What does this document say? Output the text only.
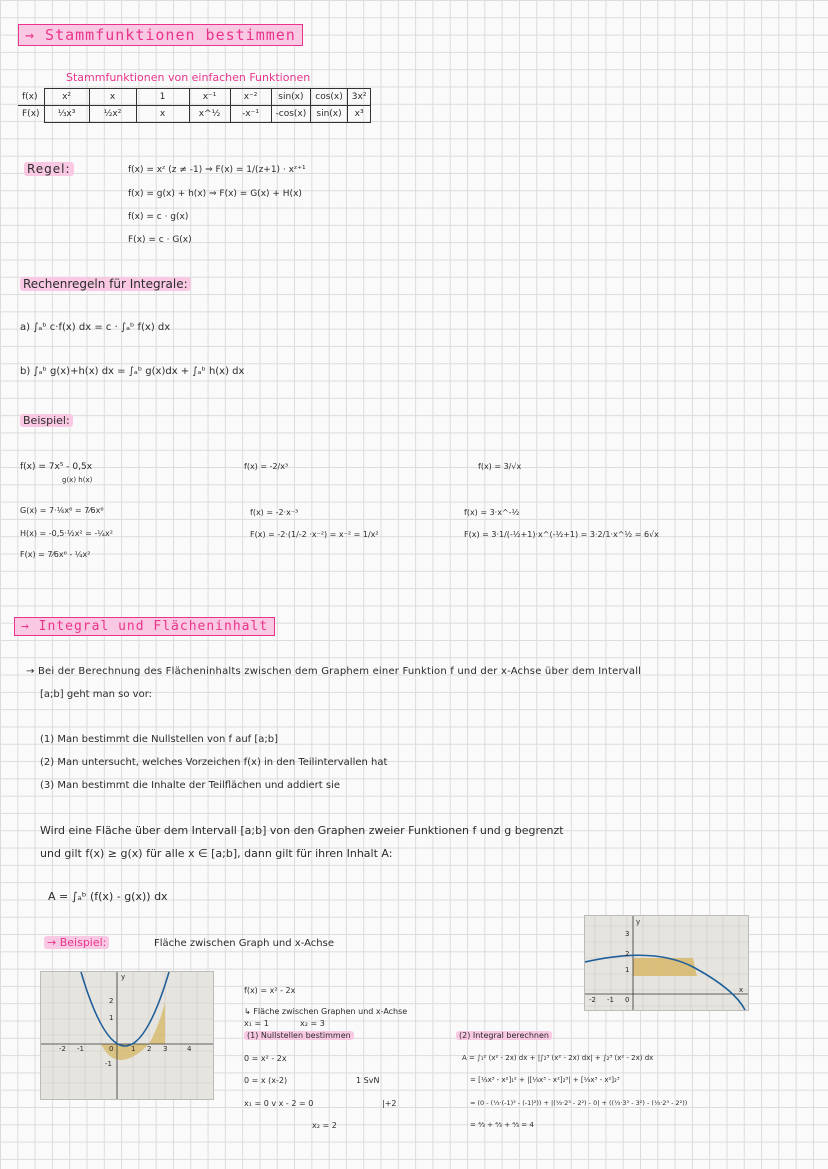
→ Stammfunktionen bestimmen
Stammfunktionen von einfachen Funktionen
f(x)	x²	x	1	x⁻¹	x⁻²	sin(x)	cos(x)	3x²
F(x)	⅓x³	½x²	x	x^½	-x⁻¹	-cos(x)	sin(x)	x³
Regel:	f(x) = xᶻ (z ≠ -1) ⇒ F(x) = 1/(z+1) · xᶻ⁺¹
f(x) = g(x) + h(x) ⇒ F(x) = G(x) + H(x)
f(x) = c · g(x)
F(x) = c · G(x)
Rechenregeln für Integrale:
a) ∫ₐᵇ c·f(x) dx = c · ∫ₐᵇ f(x) dx
b) ∫ₐᵇ g(x)+h(x) dx = ∫ₐᵇ g(x)dx + ∫ₐᵇ h(x) dx
Beispiel:
f(x) = 7x⁵ - 0,5x
g(x) h(x)
G(x) = 7·⅙x⁶ = 7⁄6x⁶
H(x) = -0,5·½x² = -¼x²
F(x) = 7⁄6x⁶ - ¼x²
f(x) = -2/x³
f(x) = -2·x⁻³
F(x) = -2·(1/-2 ·x⁻²) = x⁻² = 1/x²
f(x) = 3/√x
f(x) = 3·x^-½
F(x) = 3·1/(-½+1)·x^(-½+1) = 3·2/1·x^½ = 6√x
→ Integral und Flächeninhalt
→ Bei der Berechnung des Flächeninhalts zwischen dem Graphem einer Funktion f und der x-Achse über dem Intervall
[a;b] geht man so vor:
(1) Man bestimmt die Nullstellen von f auf [a;b]
(2) Man untersucht, welches Vorzeichen f(x) in den Teilintervallen hat
(3) Man bestimmt die Inhalte der Teilflächen und addiert sie
Wird eine Fläche über dem Intervall [a;b] von den Graphen zweier Funktionen f und g begrenzt
und gilt f(x) ≥ g(x) für alle x ∈ [a;b], dann gilt für ihren Inhalt A:
A = ∫ₐᵇ (f(x) - g(x)) dx
→ Beispiel:	Fläche zwischen Graph und x-Achse
y
-2 -1	0	1 2 3	4
2
1
-1
y
x
-2 -1 0
3
2
1
f(x) = x² - 2x
↳ Fläche zwischen Graphen und x-Achse
x₁ = 1	x₂ = 3
(1) Nullstellen bestimmen
0 = x² - 2x
0 = x (x-2)
x₁ = 0 v x - 2 = 0
x₂ = 2
1 SvN
|+2
(2) Integral berechnen
A = ∫₁² (x² - 2x) dx + |∫₂³ (x² - 2x) dx| + ∫₂³ (x² - 2x) dx
= [⅓x³ - x²]₁² + |[⅓x³ - x²]₂³| + [⅓x³ - x²]₂³
= (0 - (⅓·(-1)³ - (-1)²)) + |(⅓·2³ - 2²) - 0| + ((⅓·3³ - 3²) - (⅓·2³ - 2²))
= ⁴⁄₃ + ⁴⁄₃ + ⁴⁄₃ = 4
